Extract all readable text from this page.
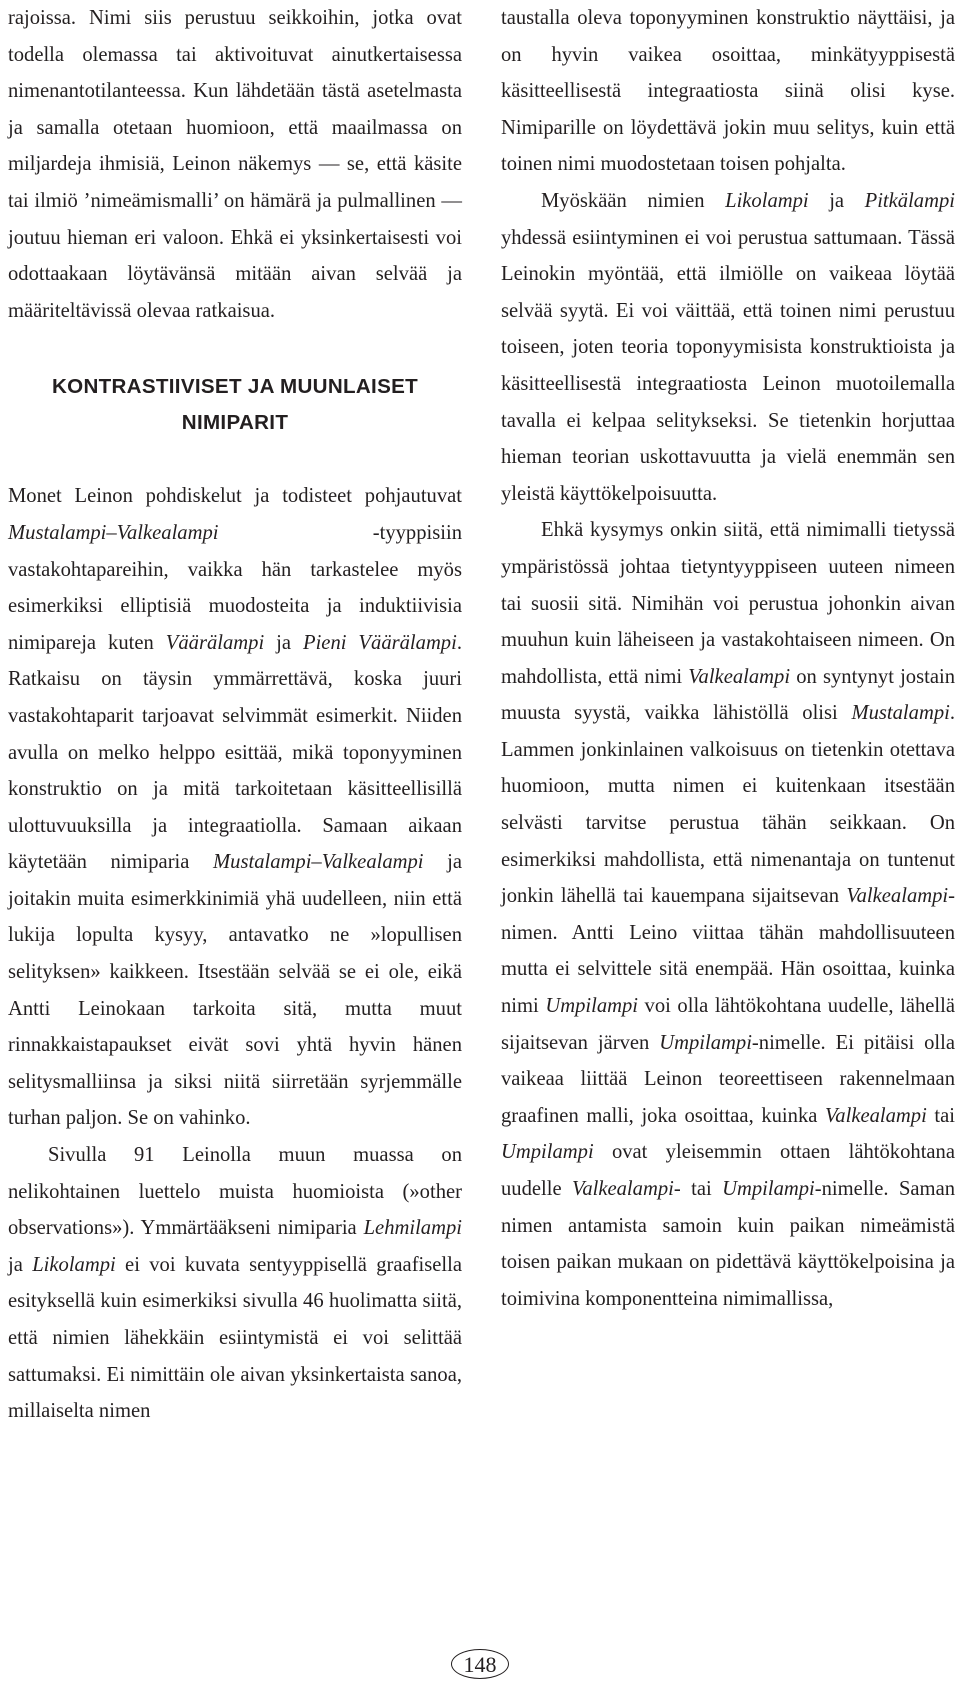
rajoissa. Nimi siis perustuu seikkoihin, jotka ovat todella olemassa tai aktivoituvat ainutkertaisessa nimenantotilanteessa. Kun lähdetään tästä asetelmasta ja samalla otetaan huomioon, että maailmassa on miljardeja ihmisiä, Leinon näkemys — se, että käsite tai ilmiö ’nimeämismalli’ on hämärä ja pulmallinen — joutuu hieman eri valoon. Ehkä ei yksinkertaisesti voi odottaakaan löytävänsä mitään aivan selvää ja määriteltävissä olevaa ratkaisua.

KONTRASTIIVISET JA MUUNLAISET
NIMIPARIT

Monet Leinon pohdiskelut ja todisteet pohjautuvat Mustalampi–Valkealampi -tyyppisiin vastakohtapareihin, vaikka hän tarkastelee myös esimerkiksi elliptisiä muodosteita ja induktiivisia nimipareja kuten Väärälampi ja Pieni Väärälampi. Ratkaisu on täysin ymmärrettävä, koska juuri vastakohtaparit tarjoavat selvimmät esimerkit. Niiden avulla on melko helppo esittää, mikä toponyyminen konstruktio on ja mitä tarkoitetaan käsitteellisillä ulottuvuuksilla ja integraatiolla. Samaan aikaan käytetään nimiparia Mustalampi–Valkealampi ja joitakin muita esimerkkinimiä yhä uudelleen, niin että lukija lopulta kysyy, antavatko ne »lopullisen selityksen» kaikkeen. Itsestään selvää se ei ole, eikä Antti Leinokaan tarkoita sitä, mutta muut rinnakkaistapaukset eivät sovi yhtä hyvin hänen selitysmalliinsa ja siksi niitä siirretään syrjemmälle turhan paljon. Se on vahinko.

Sivulla 91 Leinolla muun muassa on nelikohtainen luettelo muista huomioista (»other observations»). Ymmärtääkseni nimiparia Lehmilampi ja Likolampi ei voi kuvata sentyyppisellä graafisella esityksellä kuin esimerkiksi sivulla 46 huolimatta siitä, että nimien lähekkäin esiintymistä ei voi selittää sattumaksi. Ei nimittäin ole aivan yksinkertaista sanoa, millaiselta nimen

taustalla oleva toponyyminen konstruktio näyttäisi, ja on hyvin vaikea osoittaa, minkätyyppisestä käsitteellisestä integraatiosta siinä olisi kyse. Nimiparille on löydettävä jokin muu selitys, kuin että toinen nimi muodostetaan toisen pohjalta.

Myöskään nimien Likolampi ja Pitkälampi yhdessä esiintyminen ei voi perustua sattumaan. Tässä Leinokin myöntää, että ilmiölle on vaikeaa löytää selvää syytä. Ei voi väittää, että toinen nimi perustuu toiseen, joten teoria toponyymisista konstruktioista ja käsitteellisestä integraatiosta Leinon muotoilemalla tavalla ei kelpaa selitykseksi. Se tietenkin horjuttaa hieman teorian uskottavuutta ja vielä enemmän sen yleistä käyttökelpoisuutta.

Ehkä kysymys onkin siitä, että nimimalli tietyssä ympäristössä johtaa tietyntyyppiseen uuteen nimeen tai suosii sitä. Nimihän voi perustua johonkin aivan muuhun kuin läheiseen ja vastakohtaiseen nimeen. On mahdollista, että nimi Valkealampi on syntynyt jostain muusta syystä, vaikka lähistöllä olisi Mustalampi. Lammen jonkinlainen valkoisuus on tietenkin otettava huomioon, mutta nimen ei kuitenkaan itsestään selvästi tarvitse perustua tähän seikkaan. On esimerkiksi mahdollista, että nimenantaja on tuntenut jonkin lähellä tai kauempana sijaitsevan Valkealampi-nimen. Antti Leino viittaa tähän mahdollisuuteen mutta ei selvittele sitä enempää. Hän osoittaa, kuinka nimi Umpilampi voi olla lähtökohtana uudelle, lähellä sijaitsevan järven Umpilampi-nimelle. Ei pitäisi olla vaikeaa liittää Leinon teoreettiseen rakennelmaan graafinen malli, joka osoittaa, kuinka Valkealampi tai Umpilampi ovat yleisemmin ottaen lähtökohtana uudelle Valkealampi- tai Umpilampi-nimelle. Saman nimen antamista samoin kuin paikan nimeämistä toisen paikan mukaan on pidettävä käyttökelpoisina ja toimivina komponentteina nimimallissa,

148
